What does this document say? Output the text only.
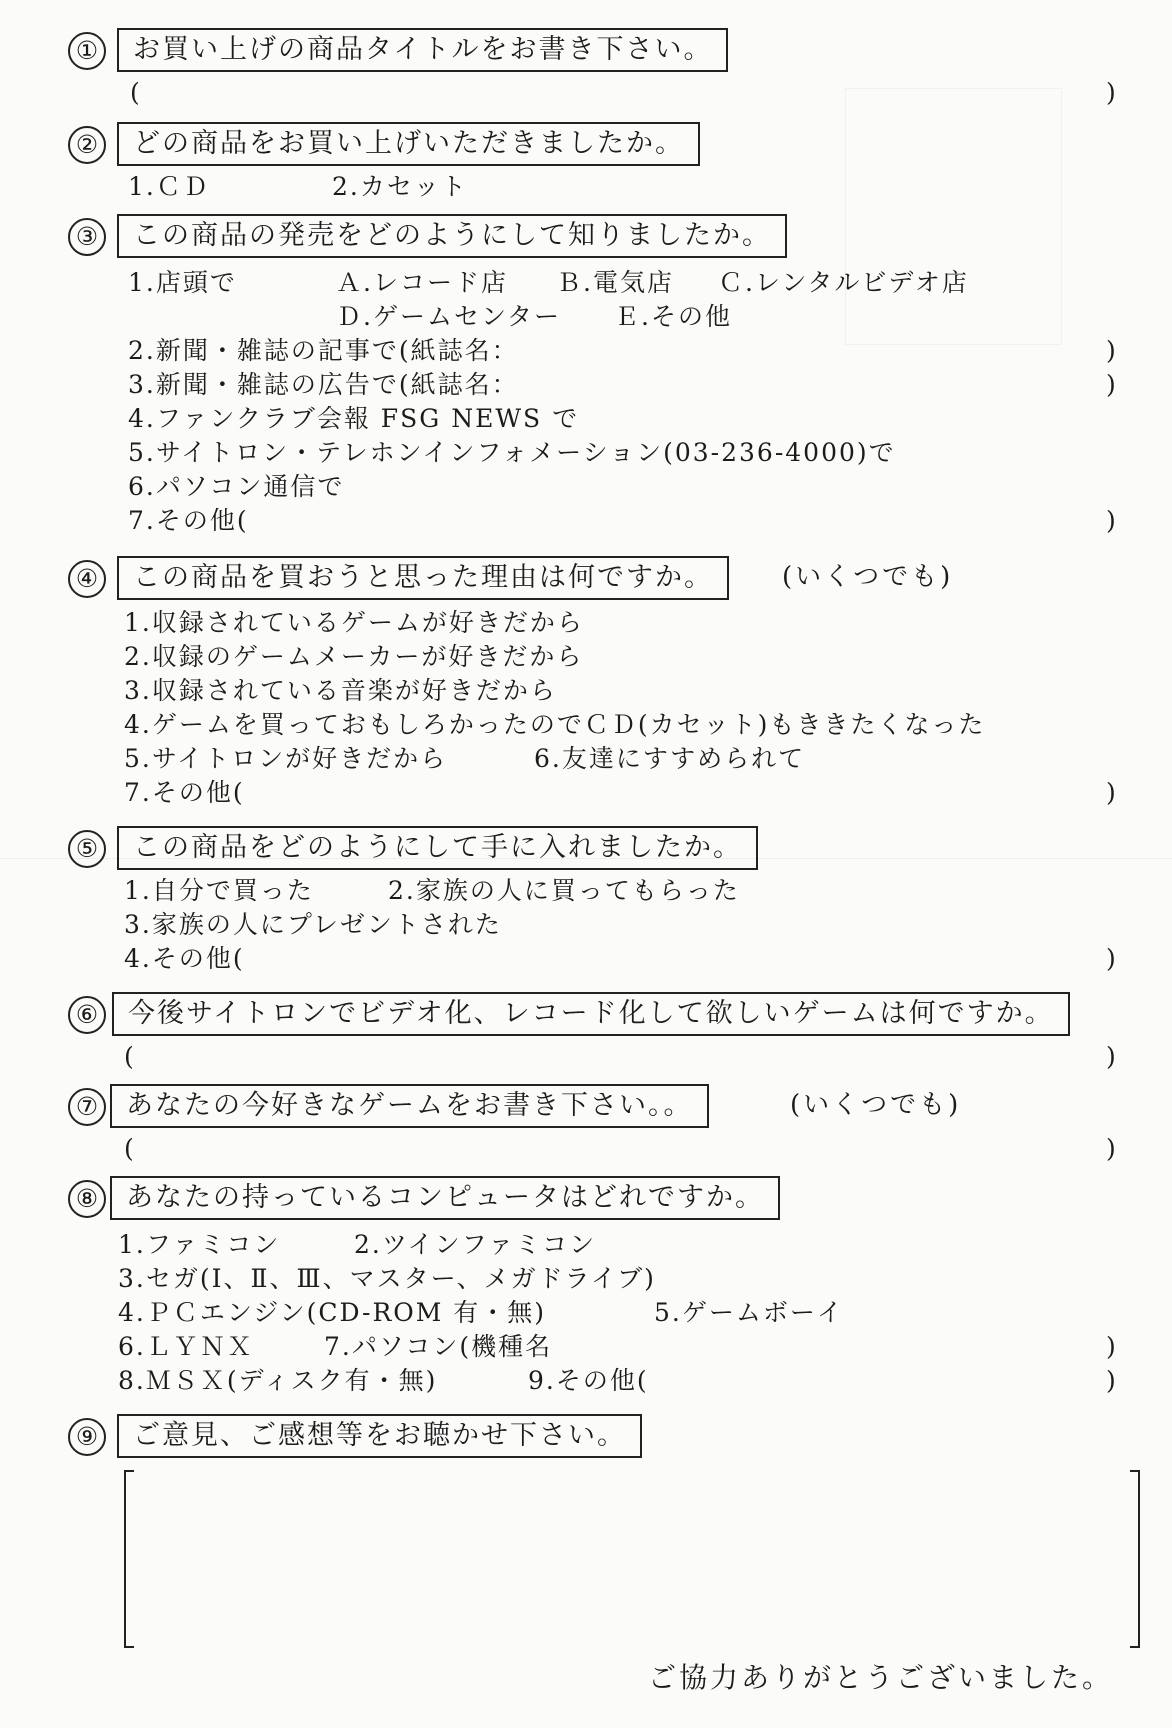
①	お買い上げの商品タイトルをお書き下さい。
(	)
②	どの商品をお買い上げいただきましたか。
1.ＣＤ	2.カセット
③	この商品の発売をどのようにして知りましたか。
1.店頭で	Ａ.レコード店 Ｂ.電気店 Ｃ.レンタルビデオ店
Ｄ.ゲームセンター Ｅ.その他
2.新聞・雑誌の記事で(紙誌名：	)
3.新聞・雑誌の広告で(紙誌名：	)
4.ファンクラブ会報 FSG NEWS で
5.サイトロン・テレホンインフォメーション(03-236-4000)で
6.パソコン通信で
7.その他(	)
④	この商品を買おうと思った理由は何ですか。	(いくつでも)
1.収録されているゲームが好きだから
2.収録のゲームメーカーが好きだから
3.収録されている音楽が好きだから
4.ゲームを買っておもしろかったのでＣＤ(カセット)もききたくなった
5.サイトロンが好きだから	6.友達にすすめられて
7.その他(	)
⑤	この商品をどのようにして手に入れましたか。
1.自分で買った	2.家族の人に買ってもらった
3.家族の人にプレゼントされた
4.その他(	)
⑥	今後サイトロンでビデオ化、レコード化して欲しいゲームは何ですか。
(	)
⑦	あなたの今好きなゲームをお書き下さい。。	(いくつでも)
(	)
⑧	あなたの持っているコンピュータはどれですか。
1.ファミコン	2.ツインファミコン
3.セガ(Ⅰ、Ⅱ、Ⅲ、マスター、メガドライブ)
4.ＰＣエンジン(CD-ROM 有・無)	5.ゲームボーイ
6.ＬＹＮＸ	7.パソコン(機種名	)
8.ＭＳＸ(ディスク有・無)	9.その他(	)
⑨	ご意見、ご感想等をお聴かせ下さい。
ご協力ありがとうございました。
